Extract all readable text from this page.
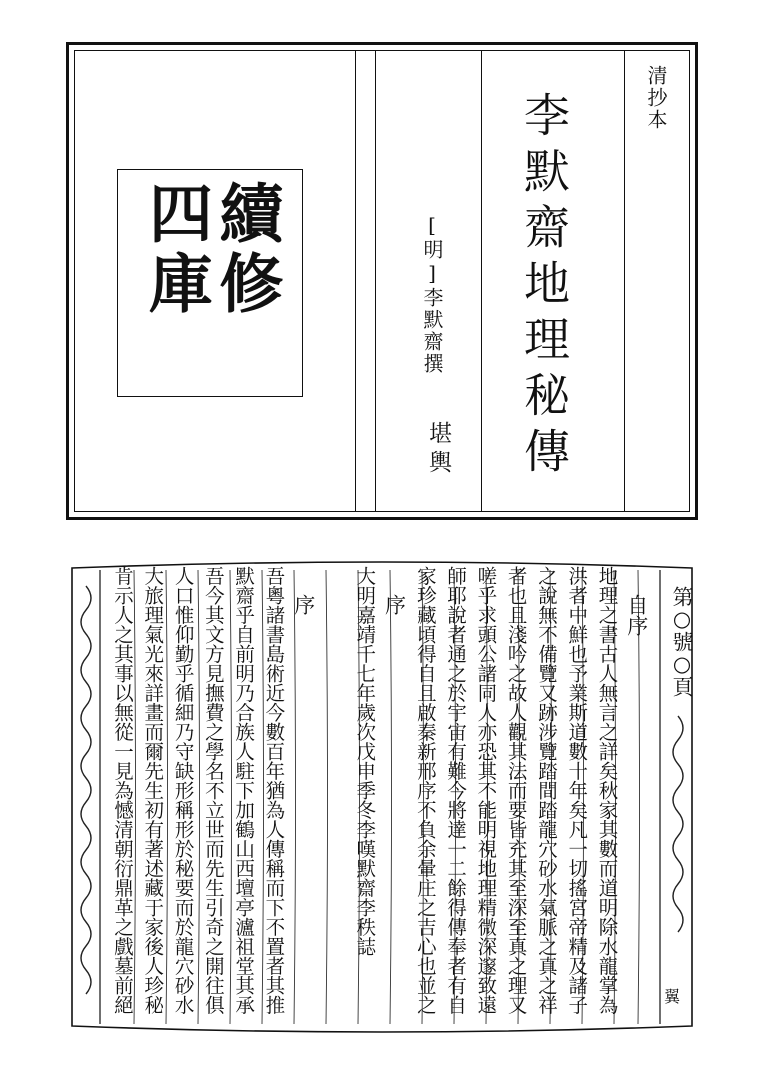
續修四庫	[明]李默齋撰
堪輿 李默齋地理秘傳	清抄本
第○號○頁
自序
地理之書古人無言之詳矣秋家其數而道明除水龍掌為
洪者中鮮也予業斯道數十年矣凡一切搖宮帝精及諸子
之說無不備覽又跡涉覽踏間踏龍穴砂水氣脈之真之祥
者也且淺吟之故人觀其法而要皆充其至深至真之理又
嗟乎求頭公諸同人亦恐其不能明視地理精微深邃致遠
師耶說者通之於宇宙有難今將達一二餘得傳奉者有自
家珍藏頃得自且啟秦新邢序不負余暈庄之吉心也並之
序
大明嘉靖千七年歲次戊申季冬李嘆默齋李秩誌
序
吾粵諸書島術近今數百年猶為人傳稱而下不置者其推
默齋乎自前明乃合族人駐下加鶴山西壇亭瀘祖堂其承
吾今其文方見撫費之學名不立世而先生引奇之開往俱
人口惟仰勤乎循細乃守缺形稱形於秘要而於龍穴砂水
大旅理氣光來詳畫而爾先生初有著述藏于家後人珍秘
肯示人之其事以無從一見為憾清朝衍鼎革之戲墓前絕	翼
